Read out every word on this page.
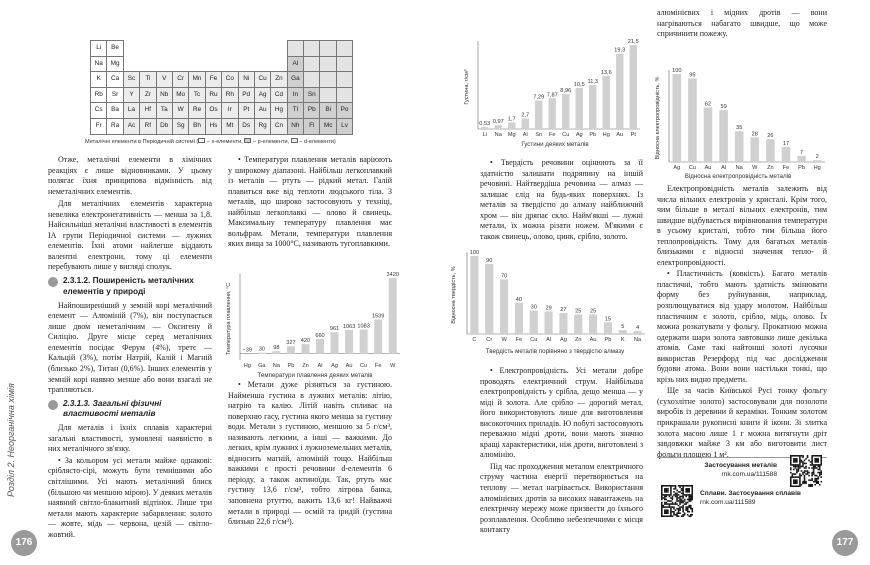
Розділ 2. Неорганічна хімія
Li	Be														
Na	Mg											Al			
K	Ca	Sc	Ti	V	Cr	Mn	Fe	Co	Ni	Cu	Zn	Ga			
Rb	Sr	Y	Zr	Nb	Mo	Tc	Ru	Rh	Pd	Ag	Cd	In	Sn		
Cs	Ba	La	Hf	Ta	W	Re	Os	Ir	Pt	Au	Hg	Tl	Pb	Bi	Po
Fr	Ra	Ac	Rf	Db	Sg	Bh	Hs	Mt	Ds	Rg	Cn	Nh	Fl	Mc	Lv
Металічні елементи в Періодичній системі ( – s-елементи,  – p-елементи,  – d-елементи)

Отже, металічні елементи в хімічних реакціях є лише відновниками. У цьому полягає їхня принципова відмінність від неметалічних елементів.

Для металічних елементів характерна невелика електронегативність — менша за 1,8. Найсильніші металічні властивості в елементів ІА групи Періодичної системи — лужних елементів. Їхні атоми найлегше віддають валентні електрони, тому ці елементи перебувають лише у вигляді сполук.

2.3.1.2. Поширеність металічних елементів у природі

Найпоширеніший у земній корі металічний елемент — Алюміній (7%), він поступається лише двом неметалічним — Оксигену й Силіцію. Друге місце серед металічних елементів посідає Ферум (4%), третє — Кальцій (3%), потім Натрій, Калій і Магній (близько 2%), Титан (0,6%). Інших елементів у земній корі наявно менше або вони взагалі не трапляються.

2.3.1.3. Загальні фізичні властивості металів

Для металів і їхніх сплавів характерні загальні властивості, зумовлені наявністю в них металічного зв'язку.

• За кольором усі метали майже однакові: сріблясто-сірі, можуть бути темнішими або світлішими. Усі мають металічний блиск (більшою чи меншою мірою). У деяких металів наявний світло-блакитний відтінок. Лише три метали мають характерне забарвлення: золото — жовте, мідь — червона, цезій — світло-жовтий.

• Температури плавлення металів варіюють у широкому діапазоні. Найбільш легкоплавкий із металів — ртуть — рідкий метал. Галій плавиться вже від теплоти людського тіла. З металів, що широко застосовують у техніці, найбільш легкоплавкі — олово й свинець. Максимальну температуру плавлення має вольфрам. Метали, температури плавлення яких вища за 1000°С, називають тугоплавкими.

Температура плавлення, °С −39
Hg
30
Ga
98
Na
327
Pb
420
Zn
660
Al
961
Ag
1063
Au
1083
Cu
1539
Fe
3420
W
Температури плавлення деяких металів

• Метали дуже різняться за густиною. Найменша густина в лужних металів: літію, натрію та калію. Літій навіть спливає на поверхню гасу, густина якого менша за густину води. Метали з густиною, меншою за 5 г/см³, називають легкими, а інші — важкими. До легких, крім лужних і лужноземельних металів, відносить магній, алюміній тощо. Найбільш важкими є прості речовини d-елементів 6 періоду, а також актиноїди. Так, ртуть має густину 13,6 г/см³, тобто літрова банка, заповнена ртуттю, важить 13,6 кг! Найважчі метали в природі — осмій та іридій (густина близько 22,6 г/см³).

176
Густина, г/см³
0,53
Li
0,97
Na
1,7
Mg
2,7
Al
7,29
Sn
7,87
Fe
8,96
Cu
10,5
Ag
11,3
Pb
13,6
Hg
19,3
Au
21,5
Pt
Густини деяких металів

• Твердість речовини оцінюють за її здатністю залишати подряпину на іншій речовині. Найтвердіша речовина — алмаз — залишає слід на будь-яких поверхнях. Із металів за твердістю до алмазу найближчий хром — він дряпає скло. Найм'якші — лужні метали, їх можна різати ножем. М'якими є також свинець, олово, цинк, срібло, золото.

Відносна твердість, %
100
C
90
Cr
70
W
40
Fe
30
Cu
29
Al
27
Ag
25
Zn
25
Au
15
Pb
5
K
4
Na
Твердість металів порівняно з твердістю алмазу

• Електропровідність. Усі метали добре проводять електричний струм. Найбільша електропровідність у срібла, дещо менша — у міді й золота. Але срібло — дорогий метал, його використовують лише для виготовлення високоточних приладів. Ю побуті застосовують переважно мідні дроти, вони мають значно кращі характеристики, ніж дроти, виготовлені з алюмінію.

Під час проходження металом електричного струму частина енергії перетворюється на теплову — метал нагрівається. Використання алюмінієвих дротів за високих навантажень на електричну мережу може призвести до їхнього розплавлення. Особливо небезпечними є місця контакту

алюмінієвих і мідних дротів — вони нагріваються набагато швидше, що може спричинити пожежу.

Відносна електропровідність, %
100
Ag
95
Cu
62
Au
59
Al
35
Na
28
W
26
Zn
17
Fe
7
Pb
2
Hg
Відносна електропровідність металів

Електропровідність металів залежить від числа вільних електронів у кристалі. Крім того, чим більше в металі вільних електронів, тим швидше відбувається вирівнювання температури в усьому кристалі, тобто тим більша його теплопровідність. Тому для багатьох металів близькими є відносні значення тепло- й електропровідності.

• Пластичність (ковкість). Багато металів пластичні, тобто мають здатність змінювати форму без руйнування, наприклад, розплющуватися від удару молотом. Найбільш пластичним є золото, срібло, мідь, олово. Їх можна розкатувати у фольгу. Прокатною можна одержати шари золота завтовшки лише декілька атомів. Саме такі найтонші золоті лусочки використав Резерфорд під час дослідження будови атома. Вони вони настільки тонкі, що крізь них видно предмети.

Ще за часів Київської Русі тонку фольгу (сухозлітне золото) застосовували для позолоти виробів із деревини й кераміки. Тонким золотом прикрашали рукописні книги й ікони. Зі злитка золота масою лише 1 г можна витягнути дріт завдовжки майже 3 км або виготовити лист фольги площею 1 м².

Застосування металів
rnk.com.ua/111588
Сплави. Застосування сплавів
rnk.com.ua/111589
177
